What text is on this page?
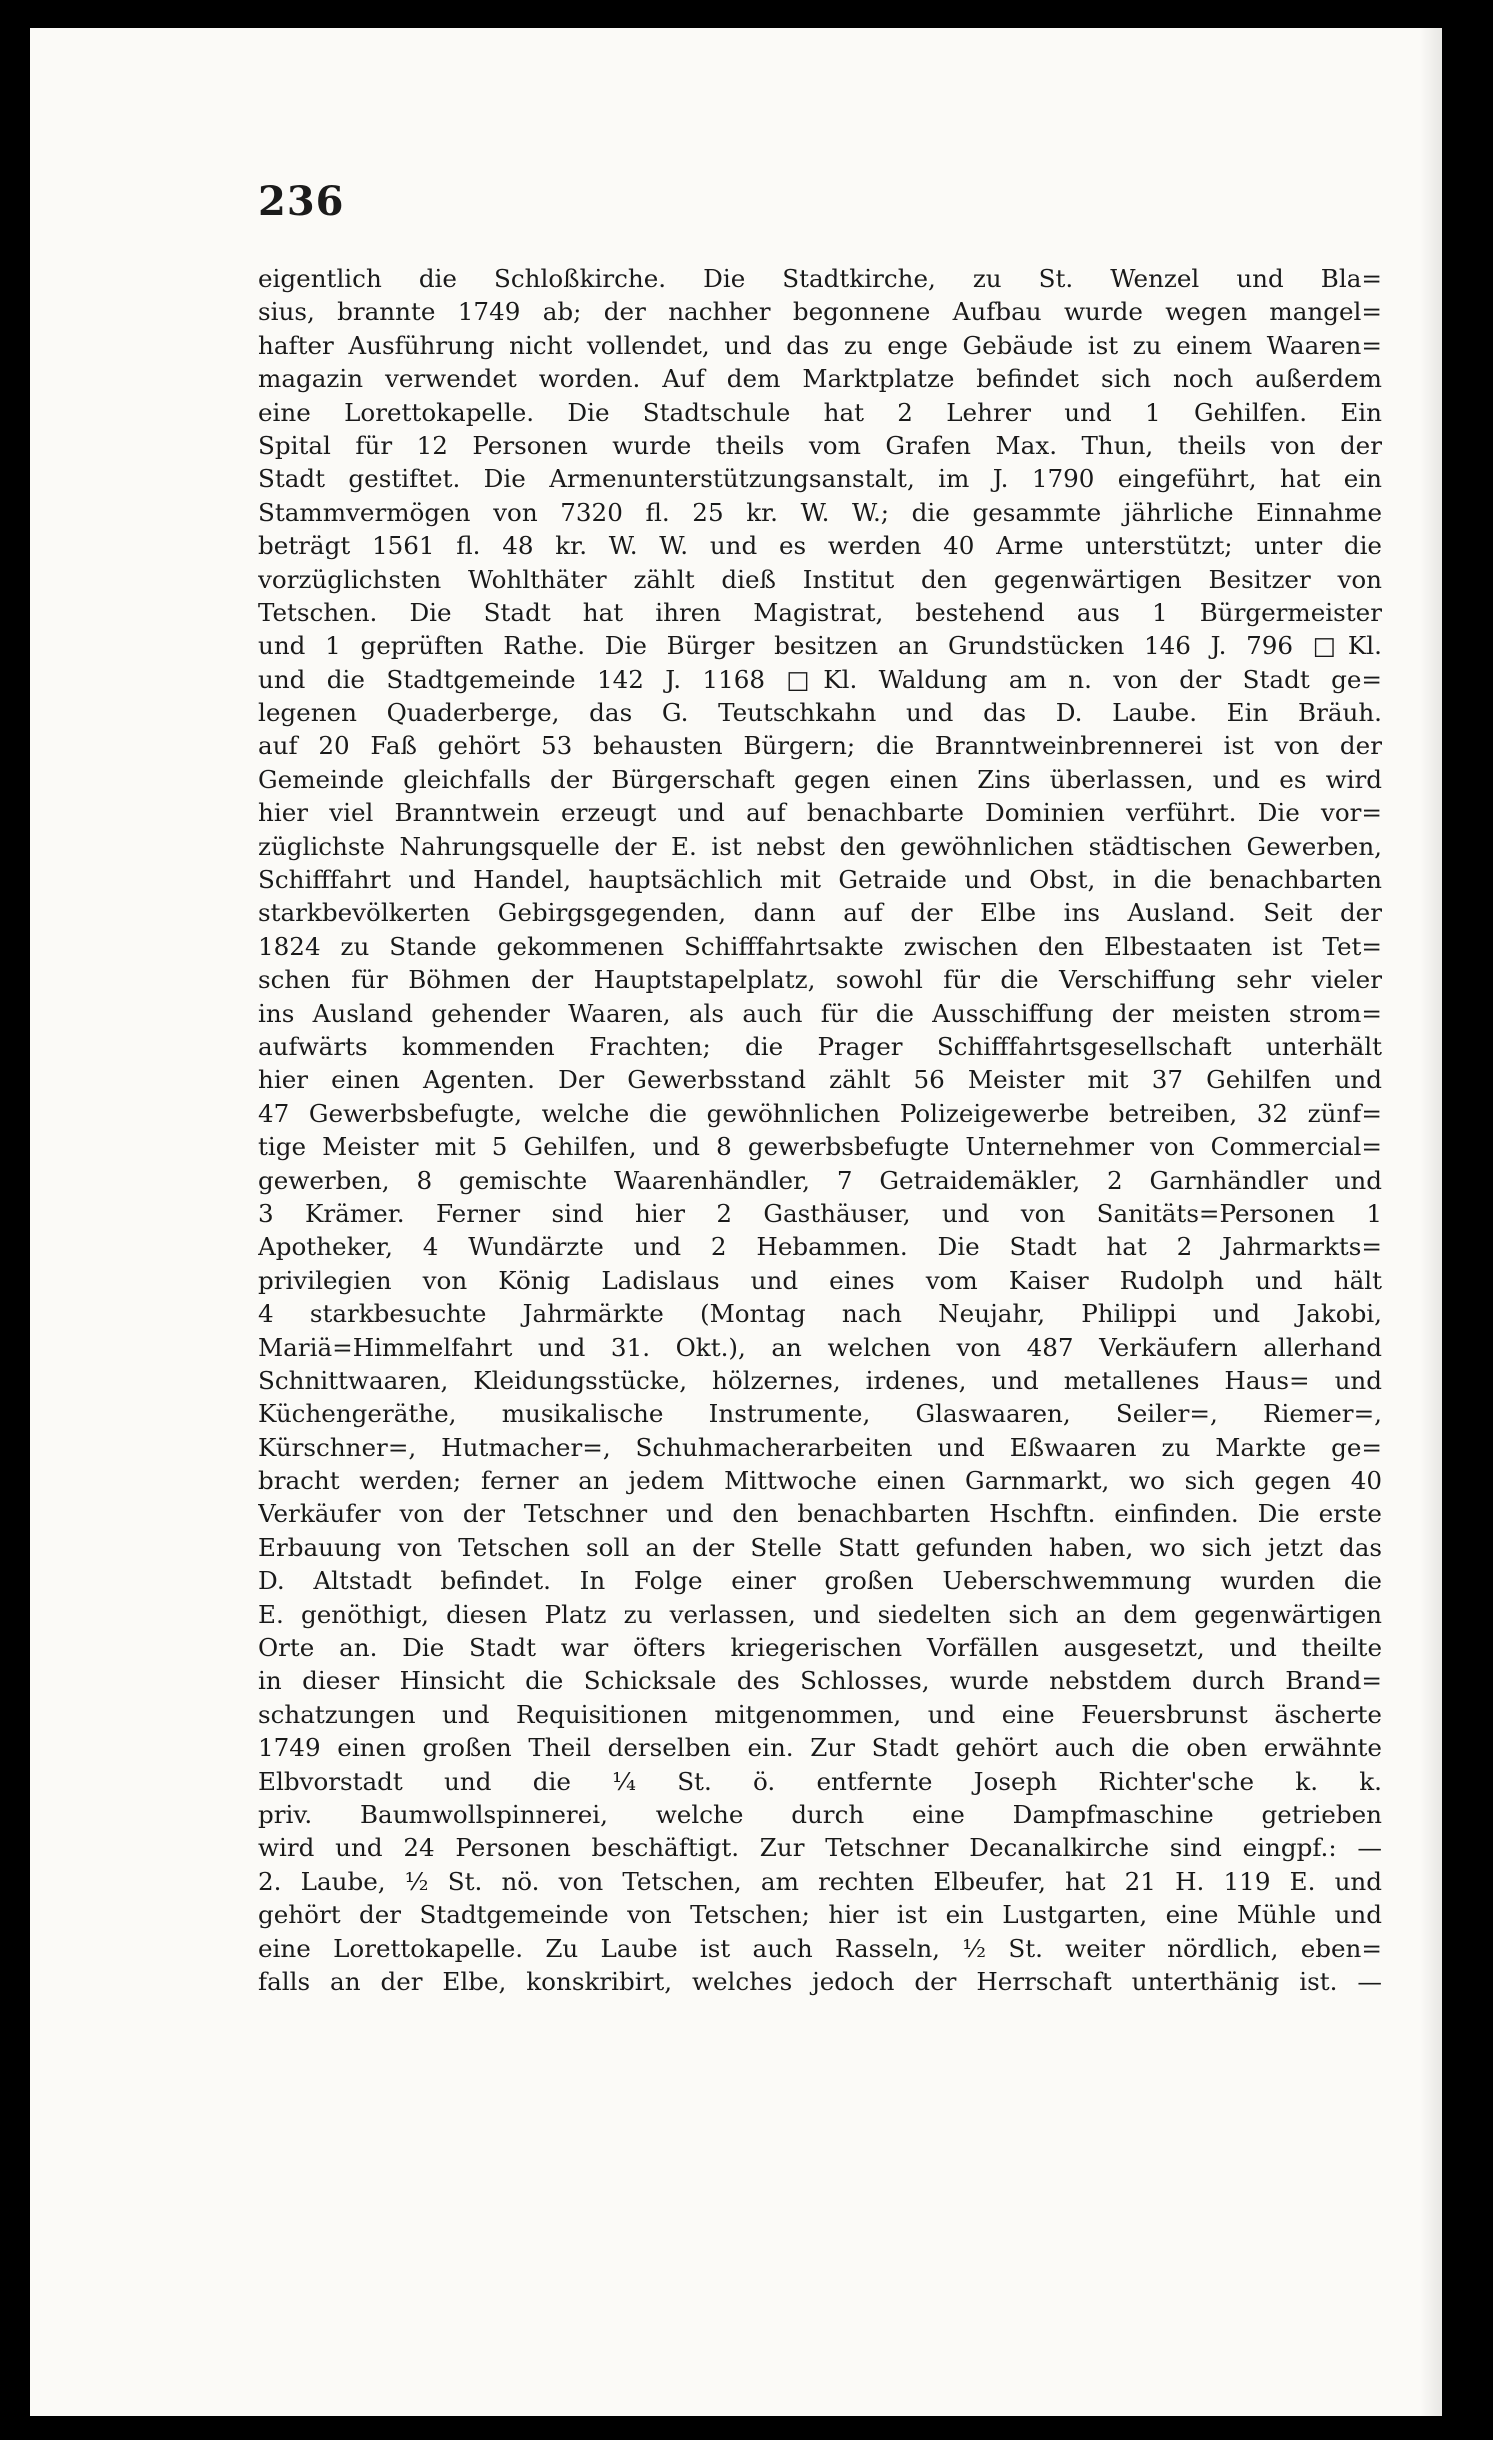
236
eigentlich die Schloßkirche. Die Stadtkirche, zu St. Wenzel und Bla=
sius, brannte 1749 ab; der nachher begonnene Aufbau wurde wegen mangel=
hafter Ausführung nicht vollendet, und das zu enge Gebäude ist zu einem Waaren=
magazin verwendet worden. Auf dem Marktplatze befindet sich noch außerdem
eine Lorettokapelle. Die Stadtschule hat 2 Lehrer und 1 Gehilfen. Ein
Spital für 12 Personen wurde theils vom Grafen Max. Thun, theils von der
Stadt gestiftet. Die Armenunterstützungsanstalt, im J. 1790 eingeführt, hat ein
Stammvermögen von 7320 fl. 25 kr. W. W.; die gesammte jährliche Einnahme
beträgt 1561 fl. 48 kr. W. W. und es werden 40 Arme unterstützt; unter die
vorzüglichsten Wohlthäter zählt dieß Institut den gegenwärtigen Besitzer von
Tetschen. Die Stadt hat ihren Magistrat, bestehend aus 1 Bürgermeister
und 1 geprüften Rathe. Die Bürger besitzen an Grundstücken 146 J. 796 □Kl.
und die Stadtgemeinde 142 J. 1168 □Kl. Waldung am n. von der Stadt ge=
legenen Quaderberge, das G. Teutschkahn und das D. Laube. Ein Bräuh.
auf 20 Faß gehört 53 behausten Bürgern; die Branntweinbrennerei ist von der
Gemeinde gleichfalls der Bürgerschaft gegen einen Zins überlassen, und es wird
hier viel Branntwein erzeugt und auf benachbarte Dominien verführt. Die vor=
züglichste Nahrungsquelle der E. ist nebst den gewöhnlichen städtischen Gewerben,
Schifffahrt und Handel, hauptsächlich mit Getraide und Obst, in die benachbarten
starkbevölkerten Gebirgsgegenden, dann auf der Elbe ins Ausland. Seit der
1824 zu Stande gekommenen Schifffahrtsakte zwischen den Elbestaaten ist Tet=
schen für Böhmen der Hauptstapelplatz, sowohl für die Verschiffung sehr vieler
ins Ausland gehender Waaren, als auch für die Ausschiffung der meisten strom=
aufwärts kommenden Frachten; die Prager Schifffahrtsgesellschaft unterhält
hier einen Agenten. Der Gewerbsstand zählt 56 Meister mit 37 Gehilfen und
47 Gewerbsbefugte, welche die gewöhnlichen Polizeigewerbe betreiben, 32 zünf=
tige Meister mit 5 Gehilfen, und 8 gewerbsbefugte Unternehmer von Commercial=
gewerben, 8 gemischte Waarenhändler, 7 Getraidemäkler, 2 Garnhändler und
3 Krämer. Ferner sind hier 2 Gasthäuser, und von Sanitäts=Personen 1
Apotheker, 4 Wundärzte und 2 Hebammen. Die Stadt hat 2 Jahrmarkts=
privilegien von König Ladislaus und eines vom Kaiser Rudolph und hält
4 starkbesuchte Jahrmärkte (Montag nach Neujahr, Philippi und Jakobi,
Mariä=Himmelfahrt und 31. Okt.), an welchen von 487 Verkäufern allerhand
Schnittwaaren, Kleidungsstücke, hölzernes, irdenes, und metallenes Haus= und
Küchengeräthe, musikalische Instrumente, Glaswaaren, Seiler=, Riemer=,
Kürschner=, Hutmacher=, Schuhmacherarbeiten und Eßwaaren zu Markte ge=
bracht werden; ferner an jedem Mittwoche einen Garnmarkt, wo sich gegen 40
Verkäufer von der Tetschner und den benachbarten Hschftn. einfinden. Die erste
Erbauung von Tetschen soll an der Stelle Statt gefunden haben, wo sich jetzt das
D. Altstadt befindet. In Folge einer großen Ueberschwemmung wurden die
E. genöthigt, diesen Platz zu verlassen, und siedelten sich an dem gegenwärtigen
Orte an. Die Stadt war öfters kriegerischen Vorfällen ausgesetzt, und theilte
in dieser Hinsicht die Schicksale des Schlosses, wurde nebstdem durch Brand=
schatzungen und Requisitionen mitgenommen, und eine Feuersbrunst äscherte
1749 einen großen Theil derselben ein. Zur Stadt gehört auch die oben erwähnte
Elbvorstadt und die ¼ St. ö. entfernte Joseph Richter'sche k. k.
priv. Baumwollspinnerei, welche durch eine Dampfmaschine getrieben
wird und 24 Personen beschäftigt. Zur Tetschner Decanalkirche sind eingpf.: —
2. Laube, ½ St. nö. von Tetschen, am rechten Elbeufer, hat 21 H. 119 E. und
gehört der Stadtgemeinde von Tetschen; hier ist ein Lustgarten, eine Mühle und
eine Lorettokapelle. Zu Laube ist auch Rasseln, ½ St. weiter nördlich, eben=
falls an der Elbe, konskribirt, welches jedoch der Herrschaft unterthänig ist. —
